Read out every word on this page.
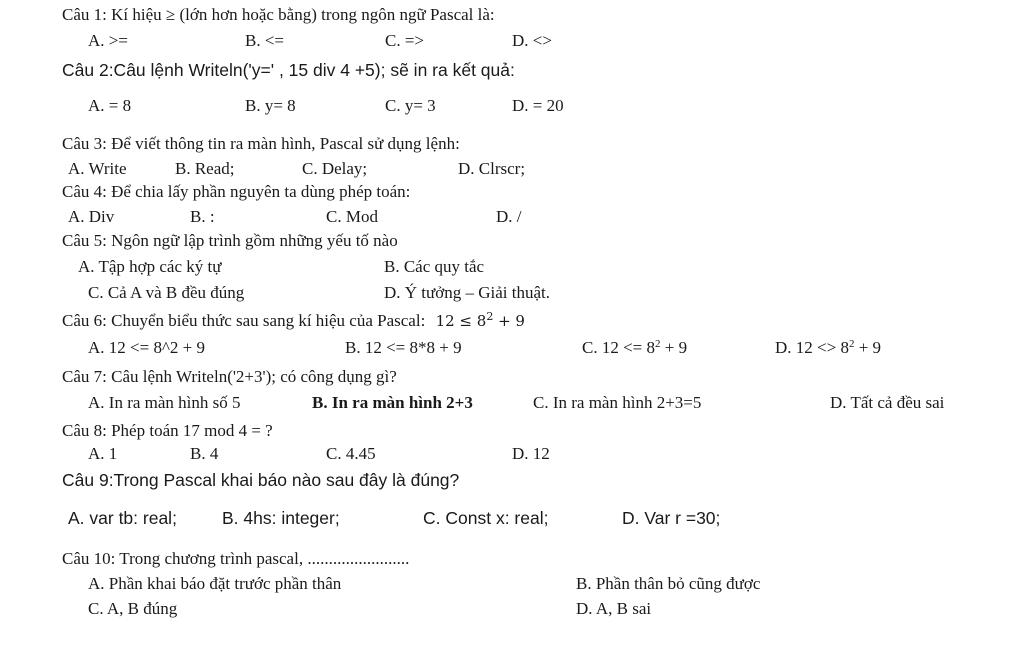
Câu 1: Kí hiệu ≥ (lớn hơn hoặc bằng) trong ngôn ngữ Pascal là:
A. >=	B. <=	C. =>	D. <>
Câu 2:Câu lệnh Writeln('y=' , 15 div 4 +5); sẽ in ra kết quả:
A. = 8	B. y= 8	C. y= 3	D. = 20
Câu 3: Để viết thông tin ra màn hình, Pascal sử dụng lệnh:
A. Write	B. Read;	C. Delay;	D. Clrscr;
Câu 4: Để chia lấy phần nguyên ta dùng phép toán:
A. Div	B. :	C. Mod	D. /
Câu 5: Ngôn ngữ lập trình gồm những yếu tố nào
A. Tập hợp các ký tự	B. Các quy tắc
C. Cả A và B đều đúng	D. Ý tưởng – Giải thuật.
Câu 6: Chuyển biểu thức sau sang kí hiệu của Pascal: $12 \le 8^2 + 9$
A. 12 <= 8^2 + 9	B. 12 <= 8*8 + 9	C. $12 <= 8^2 + 9$	D. $12 <> 8^2 + 9$
Câu 7: Câu lệnh Writeln('2+3'); có công dụng gì?
A. In ra màn hình số 5	B. In ra màn hình 2+3	C. In ra màn hình 2+3=5	D. Tất cả đều sai
Câu 8: Phép toán 17 mod 4 = ?
A. 1	B. 4	C. 4.45	D. 12
Câu 9:Trong Pascal khai báo nào sau đây là đúng?
A. var tb: real;	B. 4hs: integer;	C. Const x: real;	D. Var r =30;
Câu 10: Trong chương trình pascal, ........................
A. Phần khai báo đặt trước phần thân	B. Phần thân bỏ cũng được
C. A, B đúng	D. A, B sai
